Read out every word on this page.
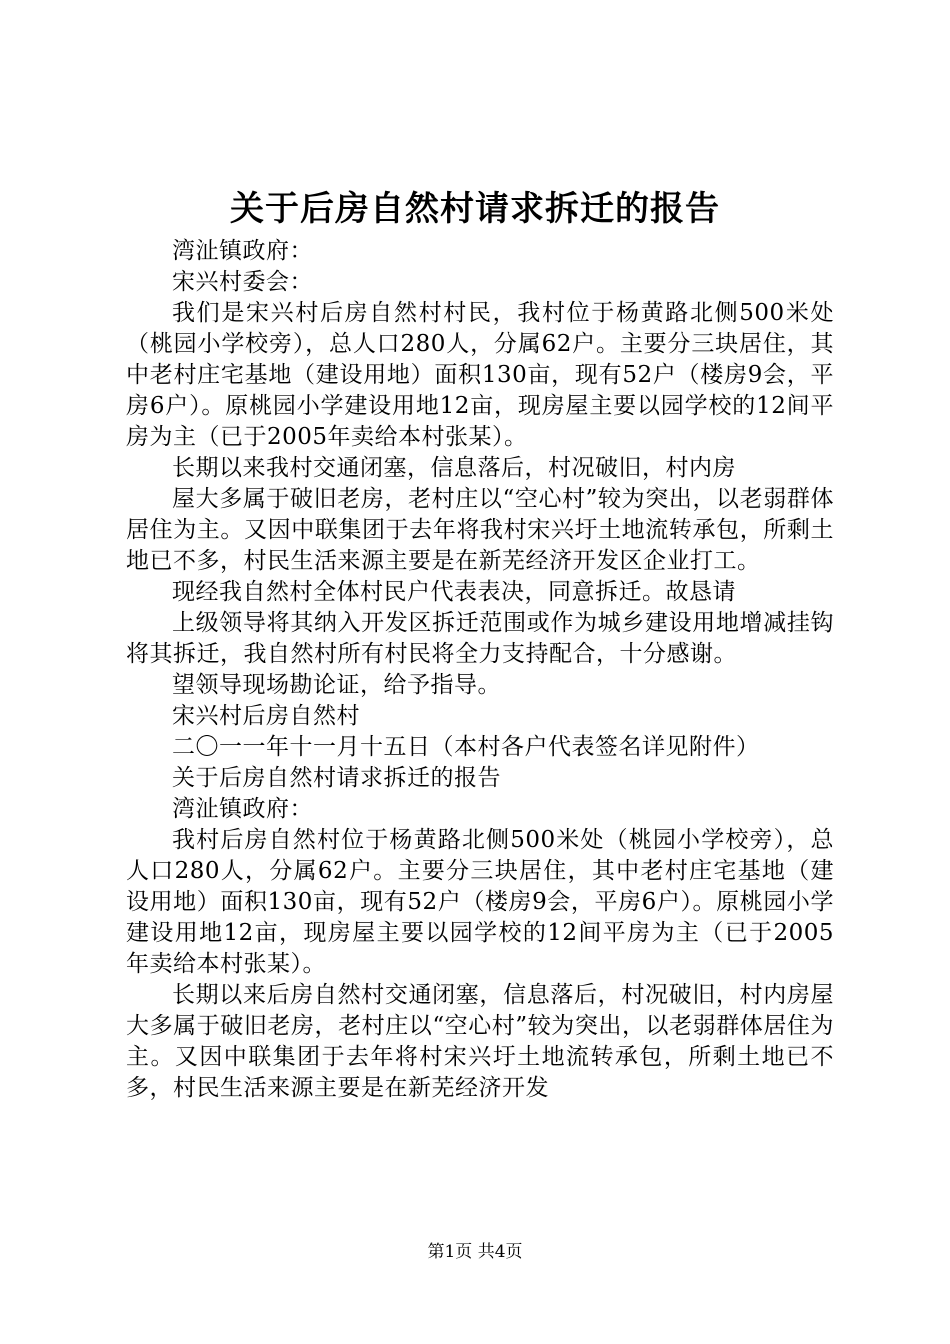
关于后房自然村请求拆迁的报告

湾沚镇政府：

宋兴村委会：

我们是宋兴村后房自然村村民，我村位于杨黄路北侧500米处（桃园小学校旁），总人口280人，分属62户。主要分三块居住，其中老村庄宅基地（建设用地）面积130亩，现有52户（楼房9会，平房6户）。原桃园小学建设用地12亩，现房屋主要以园学校的12间平房为主（已于2005年卖给本村张某）。

长期以来我村交通闭塞，信息落后，村况破旧，村内房

屋大多属于破旧老房，老村庄以“空心村”较为突出，以老弱群体居住为主。又因中联集团于去年将我村宋兴圩土地流转承包，所剩土地已不多，村民生活来源主要是在新芜经济开发区企业打工。

现经我自然村全体村民户代表表决，同意拆迁。故恳请

上级领导将其纳入开发区拆迁范围或作为城乡建设用地增减挂钩将其拆迁，我自然村所有村民将全力支持配合，十分感谢。

望领导现场勘论证，给予指导。

宋兴村后房自然村

二〇一一年十一月十五日（本村各户代表签名详见附件）

关于后房自然村请求拆迁的报告

湾沚镇政府：

我村后房自然村位于杨黄路北侧500米处（桃园小学校旁），总人口280人，分属62户。主要分三块居住，其中老村庄宅基地（建设用地）面积130亩，现有52户（楼房9会，平房6户）。原桃园小学建设用地12亩，现房屋主要以园学校的12间平房为主（已于2005年卖给本村张某）。

长期以来后房自然村交通闭塞，信息落后，村况破旧，村内房屋大多属于破旧老房，老村庄以“空心村”较为突出，以老弱群体居住为主。又因中联集团于去年将村宋兴圩土地流转承包，所剩土地已不多，村民生活来源主要是在新芜经济开发

第1页 共4页
